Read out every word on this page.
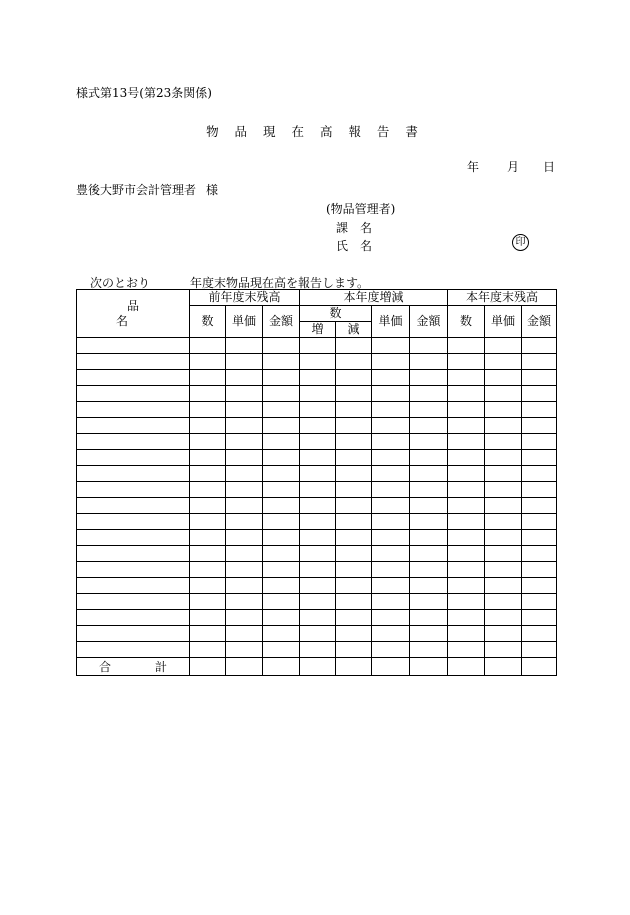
様式第13号(第23条関係)
物 品 現 在 高 報 告 書
年 月 日
豊後大野市会計管理者 様
(物品管理者)
課　名
氏　名	印
次のとおり	年度末物品現在高を報告します。
品　　名	前年度末残高			本年度増減				本年度末残高		
	数	単価	金額	数		単価	金額	数	単価	金額
				増	減					

合　計										
